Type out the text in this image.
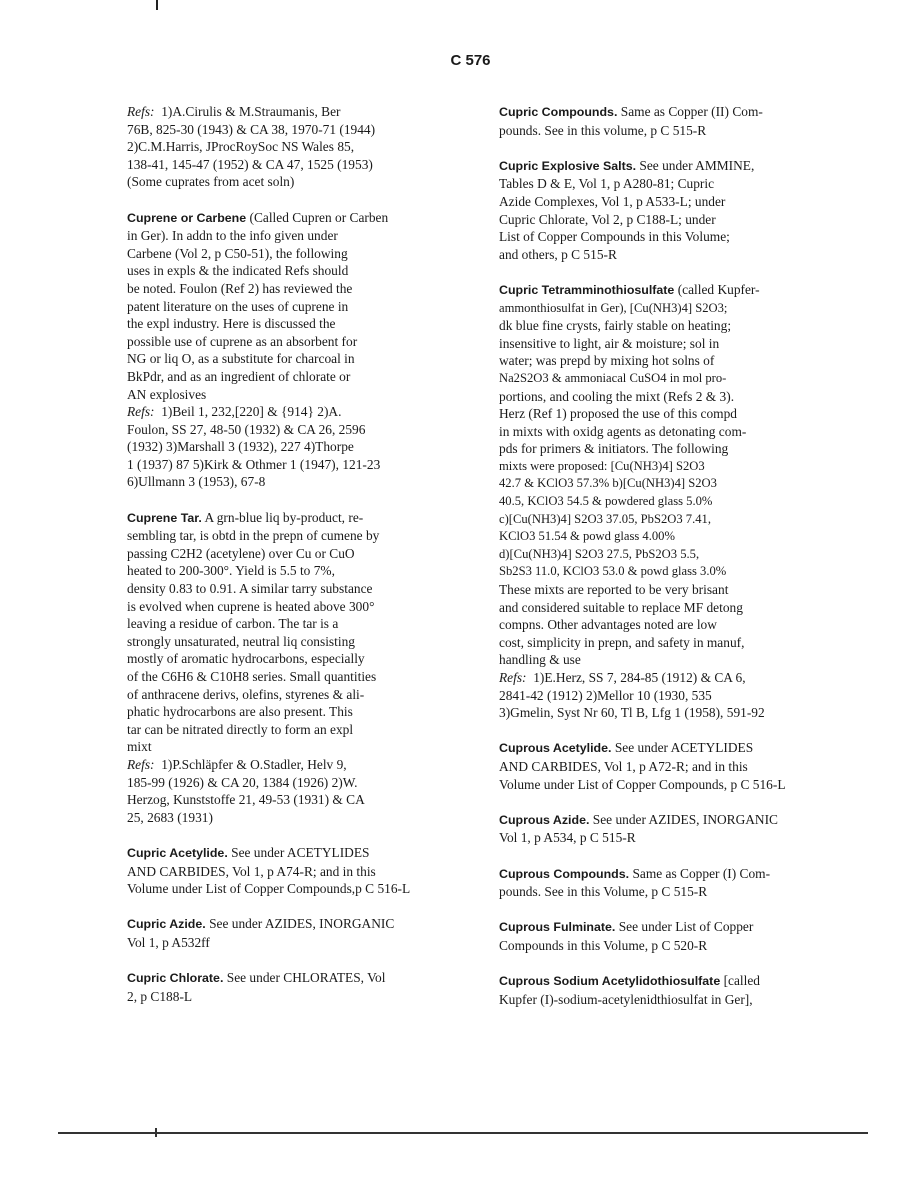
C 576

Refs: 1)A.Cirulis & M.Straumanis, Ber

76B, 825-30 (1943) & CA 38, 1970-71 (1944)

2)C.M.Harris, JProcRoySoc NS Wales 85,

138-41, 145-47 (1952) & CA 47, 1525 (1953)

(Some cuprates from acet soln)

Cuprene or Carbene (Called Cupren or Carben

in Ger). In addn to the info given under

Carbene (Vol 2, p C50-51), the following

uses in expls & the indicated Refs should

be noted. Foulon (Ref 2) has reviewed the

patent literature on the uses of cuprene in

the expl industry. Here is discussed the

possible use of cuprene as an absorbent for

NG or liq O, as a substitute for charcoal in

BkPdr, and as an ingredient of chlorate or

AN explosives

Refs: 1)Beil 1, 232,[220] & {914} 2)A.

Foulon, SS 27, 48-50 (1932) & CA 26, 2596

(1932) 3)Marshall 3 (1932), 227 4)Thorpe

1 (1937) 87 5)Kirk & Othmer 1 (1947), 121-23

6)Ullmann 3 (1953), 67-8

Cuprene Tar. A grn-blue liq by-product, re-

sembling tar, is obtd in the prepn of cumene by

passing C2H2 (acetylene) over Cu or CuO

heated to 200-300°. Yield is 5.5 to 7%,

density 0.83 to 0.91. A similar tarry substance

is evolved when cuprene is heated above 300°

leaving a residue of carbon. The tar is a

strongly unsaturated, neutral liq consisting

mostly of aromatic hydrocarbons, especially

of the C6H6 & C10H8 series. Small quantities

of anthracene derivs, olefins, styrenes & ali-

phatic hydrocarbons are also present. This

tar can be nitrated directly to form an expl

mixt

Refs: 1)P.Schläpfer & O.Stadler, Helv 9,

185-99 (1926) & CA 20, 1384 (1926) 2)W.

Herzog, Kunststoffe 21, 49-53 (1931) & CA

25, 2683 (1931)

Cupric Acetylide. See under ACETYLIDES

AND CARBIDES, Vol 1, p A74-R; and in this

Volume under List of Copper Compounds,p C 516-L

Cupric Azide. See under AZIDES, INORGANIC

Vol 1, p A532ff

Cupric Chlorate. See under CHLORATES, Vol

2, p C188-L

Cupric Compounds. Same as Copper (II) Com-

pounds. See in this volume, p C 515-R

Cupric Explosive Salts. See under AMMINE,

Tables D & E, Vol 1, p A280-81; Cupric

Azide Complexes, Vol 1, p A533-L; under

Cupric Chlorate, Vol 2, p C188-L; under

List of Copper Compounds in this Volume;

and others, p C 515-R

Cupric Tetramminothiosulfate (called Kupfer-

ammonthiosulfat in Ger), [Cu(NH3)4] S2O3;

dk blue fine crysts, fairly stable on heating;

insensitive to light, air & moisture; sol in

water; was prepd by mixing hot solns of

Na2S2O3 & ammoniacal CuSO4 in mol pro-

portions, and cooling the mixt (Refs 2 & 3).

Herz (Ref 1) proposed the use of this compd

in mixts with oxidg agents as detonating com-

pds for primers & initiators. The following

mixts were proposed: [Cu(NH3)4] S2O3

42.7 & KClO3 57.3% b)[Cu(NH3)4] S2O3

40.5, KClO3 54.5 & powdered glass 5.0%

c)[Cu(NH3)4] S2O3 37.05, PbS2O3 7.41,

KClO3 51.54 & powd glass 4.00%

d)[Cu(NH3)4] S2O3 27.5, PbS2O3 5.5,

Sb2S3 11.0, KClO3 53.0 & powd glass 3.0%

These mixts are reported to be very brisant

and considered suitable to replace MF detong

compns. Other advantages noted are low

cost, simplicity in prepn, and safety in manuf,

handling & use

Refs: 1)E.Herz, SS 7, 284-85 (1912) & CA 6,

2841-42 (1912) 2)Mellor 10 (1930, 535

3)Gmelin, Syst Nr 60, Tl B, Lfg 1 (1958), 591-92

Cuprous Acetylide. See under ACETYLIDES

AND CARBIDES, Vol 1, p A72-R; and in this

Volume under List of Copper Compounds, p C 516-L

Cuprous Azide. See under AZIDES, INORGANIC

Vol 1, p A534, p C 515-R

Cuprous Compounds. Same as Copper (I) Com-

pounds. See in this Volume, p C 515-R

Cuprous Fulminate. See under List of Copper

Compounds in this Volume, p C 520-R

Cuprous Sodium Acetylidothiosulfate [called

Kupfer (I)-sodium-acetylenidthiosulfat in Ger],
